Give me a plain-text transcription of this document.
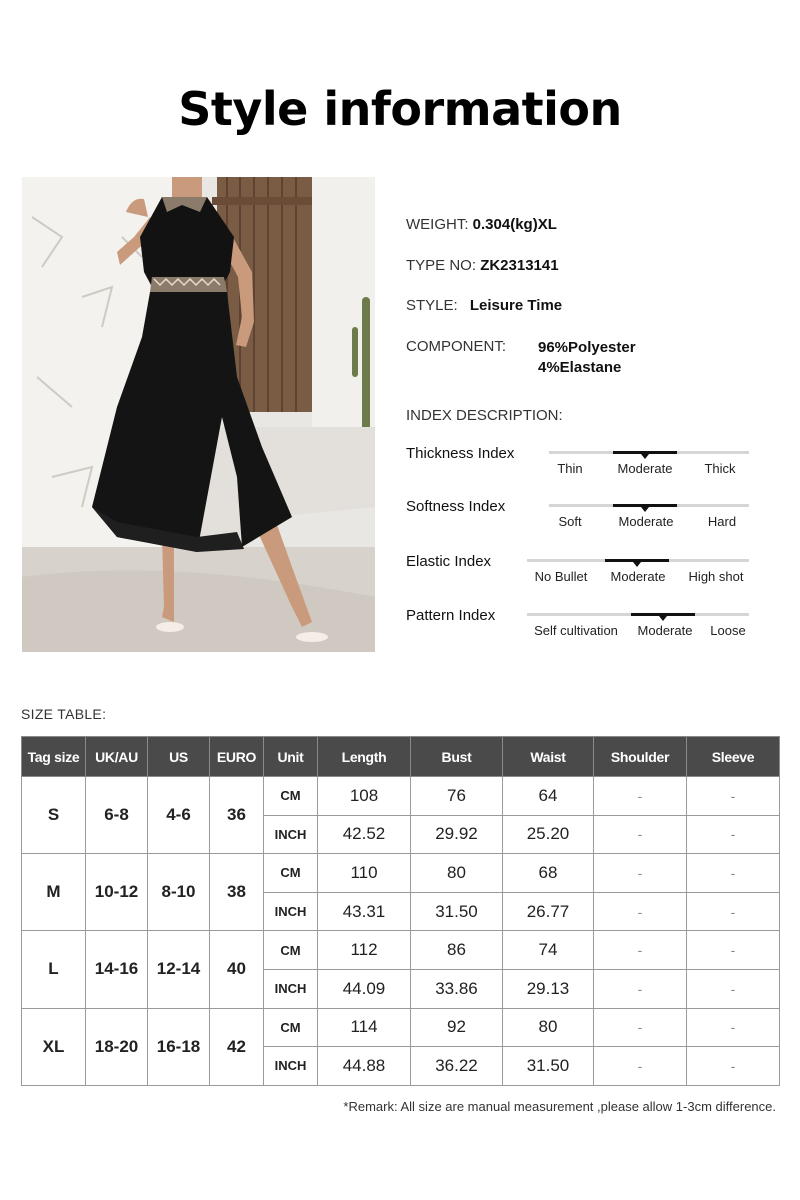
Style information
WEIGHT: 0.304(kg)XL
TYPE NO: ZK2313141
STYLE: Leisure Time
COMPONENT: 96%Polyester
4%Elastane
INDEX DESCRIPTION:
Thickness Index
Thin	Moderate Thick
Softness Index
Soft	Moderate	Hard
Elastic Index
No Bullet Moderate High shot
Pattern Index
Self cultivation Moderate Loose
SIZE TABLE:
Tag size	UK/AU	US	EURO	Unit	Length	Bust	Waist	Shoulder	Sleeve
S	6-8	4-6	36	CM	108	76	64	-	-
				INCH	42.52	29.92	25.20	-	-
M	10-12	8-10	38	CM	110	80	68	-	-
				INCH	43.31	31.50	26.77	-	-
L	14-16	12-14	40	CM	112	86	74	-	-
				INCH	44.09	33.86	29.13	-	-
XL	18-20	16-18	42	CM	114	92	80	-	-
				INCH	44.88	36.22	31.50	-	-
*Remark: All size are manual measurement ,please allow 1-3cm difference.
